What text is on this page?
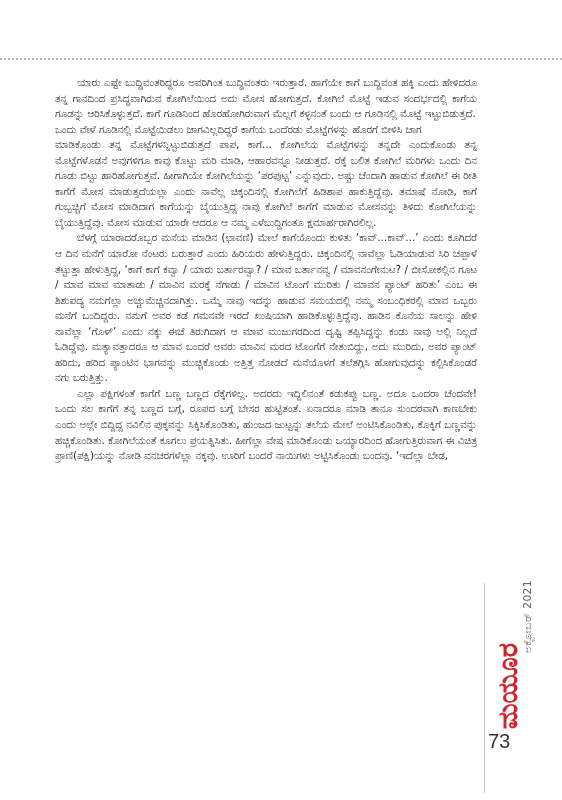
ಯಾರು ಎಷ್ಟೇ ಬುದ್ಧಿವಂತರಿದ್ದರೂ ಅವರಿಗಿಂತ ಬುದ್ಧಿವಂತರು ಇರುತ್ತಾರೆ. ಹಾಗೆಯೇ ಕಾಗೆ ಬುದ್ಧಿವಂತ ಹಕ್ಕಿ ಎಂದು ಹೇಳಿದರೂ ತನ್ನ ಗಾನದಿಂದ ಪ್ರಸಿದ್ಧವಾಗಿರುವ ಕೋಗಿಲೆಯಿಂದ ಅದು ಮೋಸ ಹೋಗುತ್ತದೆ. ಕೋಗಿಲೆ ಮೊಟ್ಟೆ ಇಡುವ ಸಂದರ್ಭದಲ್ಲಿ ಕಾಗೆಯ ಗೂಡನ್ನು ಆರಿಸಿಕೊಳ್ಳುತ್ತದೆ. ಕಾಗೆ ಗೂಡಿನಿಂದ ಹೊರಹೋಗಿರುವಾಗ ಮೆಲ್ಲಗೆ ಕಳ್ಳನಂತೆ ಬಂದು ಆ ಗೂಡಿನಲ್ಲಿ ಮೊಟ್ಟೆ ಇಟ್ಟುಬಿಡುತ್ತದೆ.

ಒಂದು ವೇಳೆ ಗೂಡಿನಲ್ಲಿ ಮೊಟ್ಟೆಯಿಡಲು ಜಾಗವಿಲ್ಲದಿದ್ದರೆ ಕಾಗೆಯ ಒಂದೆರಡು ಮೊಟ್ಟೆಗಳನ್ನು ಹೊರಗೆ ಬೀಳಿಸಿ ಜಾಗ

ಮಾಡಿಕೊಂಡು ತನ್ನ ಮೊಟ್ಟೆಗಳನ್ನಿಟ್ಟುಬಿಡುತ್ತದೆ ಪಾಪ, ಕಾಗೆ... ಕೋಗಿಲೆಯ ಮೊಟ್ಟೆಗಳನ್ನು ತನ್ನದೇ ಎಂದುಕೊಂಡು ತನ್ನ ಮೊಟ್ಟೆಗಳೊಡನೆ ಅವುಗಳಿಗೂ ಕಾವು ಕೊಟ್ಟು ಮರಿ ಮಾಡಿ, ಆಹಾರವನ್ನೂ ನೀಡುತ್ತದೆ. ರೆಕ್ಕೆ ಬಲಿತ ಕೋಗಿಲೆ ಮರಿಗಳು ಒಂದು ದಿನ ಗೂಡು ಬಿಟ್ಟು ಹಾರಿಹೋಗುತ್ತವೆ. ಹೀಗಾಗಿಯೇ ಕೋಗಿಲೆಯನ್ನು ‘ಪರಪುಟ್ಟ’ ಎನ್ನುವುದು. ಅಷ್ಟು ಚೆಂದಾಗಿ ಹಾಡುವ ಕೋಗಿಲೆ ಈ ರೀತಿ ಕಾಗೆಗೆ ಮೋಸ ಮಾಡುತ್ತದೆಯಲ್ಲಾ ಎಂದು ನಾವೆಲ್ಲ ಚಿಕ್ಕಂದಿನಲ್ಲಿ ಕೋಗಿಲೆಗೆ ಹಿಡಿಶಾಪ ಹಾಕುತ್ತಿದ್ದೆವು. ತಮಾಷೆ ನೋಡಿ, ಕಾಗೆ ಗುಬ್ಬಚ್ಚಿಗೆ ಮೋಸ ಮಾಡಿದಾಗ ಕಾಗೆಯನ್ನು ಬೈಯುತ್ತಿದ್ದ ನಾವು ಕೋಗಿಲೆ ಕಾಗೆಗೆ ಮಾಡುವ ಮೋಸವನ್ನು ತಿಳಿದು ಕೋಗಿಲೆಯನ್ನು ಬೈಯುತ್ತಿದ್ದೆವು. ಮೋಸ ಮಾಡುವ ಯಾರೇ ಆದರೂ ಆ ನಮ್ಮ ಎಳೆಬುದ್ಧಿಗಂತೂ ಕ್ಷಮಾರ್ಹರಾಗಿರಲಿಲ್ಲ.

ಬೆಳಗ್ಗೆ ಯಾರಾದರೊಬ್ಬರ ಮನೆಯ ಮಾಡಿನ (ಛಾವಣಿ) ಮೇಲೆ ಕಾಗೆಯೊಂದು ಕುಳಿತು ‘ಕಾವ್...ಕಾವ್...’ ಎಂದು ಕೂಗಿದರೆ ಆ ದಿನ ಮನೆಗೆ ಯಾರೋ ನೆಂಟರು ಬರುತ್ತಾರೆ ಎಂದು ಹಿರಿಯರು ಹೇಳುತ್ತಿದ್ದರು. ಚಿಕ್ಕಂದಿನಲ್ಲಿ ನಾವೆಲ್ಲಾ ಓಡಿಯಾಡುವ ಸಿರಿ ಚಪ್ಪಾಳೆ ತಟ್ಟುತ್ತಾ ಹೇಳುತ್ತಿದ್ದ, ‘ಕಾಗೆ ಕಾಗೆ ಕವ್ವಾ / ಯಾರು ಬರ್ತಾರವ್ವಾ? / ಮಾವ ಬರ್ತಾನವ್ವ / ಮಾವನಂಗೇನುಟ? / ಬೀಸೋಕಲ್ಲಿನ ಗೂಟ / ಮಾವ ಮಾವ ಮಾತಾಡು / ಮಾವಿನ ಮರಕ್ಕೆ ನೆಗಾಡು / ಮಾವಿನ ಟೊಂಗೆ ಮುರಿತು / ಮಾವನ ಪ್ಯಾಂಟ್ ಹರಿತು’ ಎಂಬ ಈ ಶಿಶುಪದ್ಯ ನಮಗೆಲ್ಲಾ ಅಚ್ಚುಮೆಚ್ಚಿನದಾಗಿತ್ತು. ಒಮ್ಮೆ ನಾವು ಇದನ್ನು ಹಾಡುವ ಸಮಯದಲ್ಲಿ ನಮ್ಮ ಸಂಬಂಧಿಕರಲ್ಲಿ ಮಾವ ಒಬ್ಬರು ಮನೆಗೆ ಬಂದಿದ್ದರು. ನಮಗೆ ಅವರ ಕಡೆ ಗಮನವೇ ಇರದೆ ಖುಷಿಯಾಗಿ ಹಾಡಿಕೊಳ್ಳುತ್ತಿದ್ದೆವು. ಹಾಡಿನ ಕೊನೆಯ ಸಾಲನ್ನು ಹೇಳಿ ನಾವೆಲ್ಲಾ ‘ಗೊಳ್’ ಎಂದು ನಕ್ಕು ಈಚೆ ತಿರುಗಿದಾಗ ಆ ಮಾವ ಮುಜುಗರದಿಂದ ದೃಷ್ಟಿ ತಪ್ಪಿಸಿದ್ದನ್ನು ಕಂಡು ನಾವು ಅಲ್ಲಿ ನಿಲ್ಲದೆ ಓಡಿದ್ದೆವು. ಮತ್ಯಾವತ್ತಾದರೂ ಆ ಮಾವ ಬಂದರೆ ಅವರು ಮಾವಿನ ಮರದ ಟೊಂಗೆಗೆ ನೇತುಬಿದ್ದು, ಅದು ಮುರಿದು, ಅವರ ಪ್ಯಾಂಟ್ ಹರಿದು, ಹರಿದ ಪ್ಯಾಂಟಿನ ಭಾಗವನ್ನು ಮುಚ್ಚಿಕೊಂಡು ಅತ್ತಿತ್ತ ನೋಡದೆ ಮನೆಯೊಳಗೆ ತಲೆತಗ್ಗಿಸಿ ಹೋಗುವುದನ್ನು ಕಲ್ಪಿಸಿಕೊಂಡರೆ ನಗು ಬರುತ್ತಿತ್ತು.

ಎಲ್ಲಾ ಪಕ್ಷಿಗಳಂತೆ ಕಾಗೆಗೆ ಬಣ್ಣ ಬಣ್ಣದ ರೆಕ್ಕೆಗಳಿಲ್ಲ. ಅದರದು ಇದ್ದಿಲಿನಂತೆ ಕಡುಕಪ್ಪು ಬಣ್ಣ. ಅದೂ ಒಂದರಾ ಚೆಂದವೇ! ಒಂದು ಸಲ ಕಾಗೆಗೆ ತನ್ನ ಬಣ್ಣದ ಬಗ್ಗೆ, ರೂಪದ ಬಗ್ಗೆ ಬೇಸರ ಹುಟ್ಟಿತಂತೆ. ಏನಾದರೂ ಮಾಡಿ ತಾನೂ ಸುಂದರವಾಗಿ ಕಾಣಬೇಕು ಎಂದು ಅಲ್ಲೇ ಬಿದ್ದಿದ್ದ ನವಿಲಿನ ಪುಕ್ಕವನ್ನು ಸಿಕ್ಕಿಸಿಕೊಂಡಿತು, ಹುಂಜದ ಜುಟ್ಟನ್ನು ತಲೆಯ ಮೇಲೆ ಅಂಟಿಸಿಕೊಂಡಿತು, ಕೊಕ್ಕಿಗೆ ಬಣ್ಣವನ್ನು ಹಚ್ಚಿಕೊಂಡಿತು. ಕೋಗಿಲೆಯಂತೆ ಕೂಗಲು ಪ್ರಯತ್ನಿಸಿತು. ಹೀಗೆಲ್ಲಾ ವೇಷ ಮಾಡಿಕೊಂಡು ಒಯ್ಯಾರದಿಂದ ಹೋಗುತ್ತಿರುವಾಗ ಈ ವಿಚಿತ್ರ ಪ್ರಾಣಿ(ಪಕ್ಷಿ)ಯನ್ನು ನೋಡಿ ವನಚರಗಳೆಲ್ಲಾ ನಕ್ಕವು. ಊರಿಗೆ ಬಂದರೆ ನಾಯಿಗಳು ಅಟ್ಟಿಸಿಕೊಂಡು ಬಂದವು. ‘ಇದೆಲ್ಲಾ ಬೇಡ,

ಅಕ್ಟೋಬರ್ 2021
ಮಯೂರ
73
